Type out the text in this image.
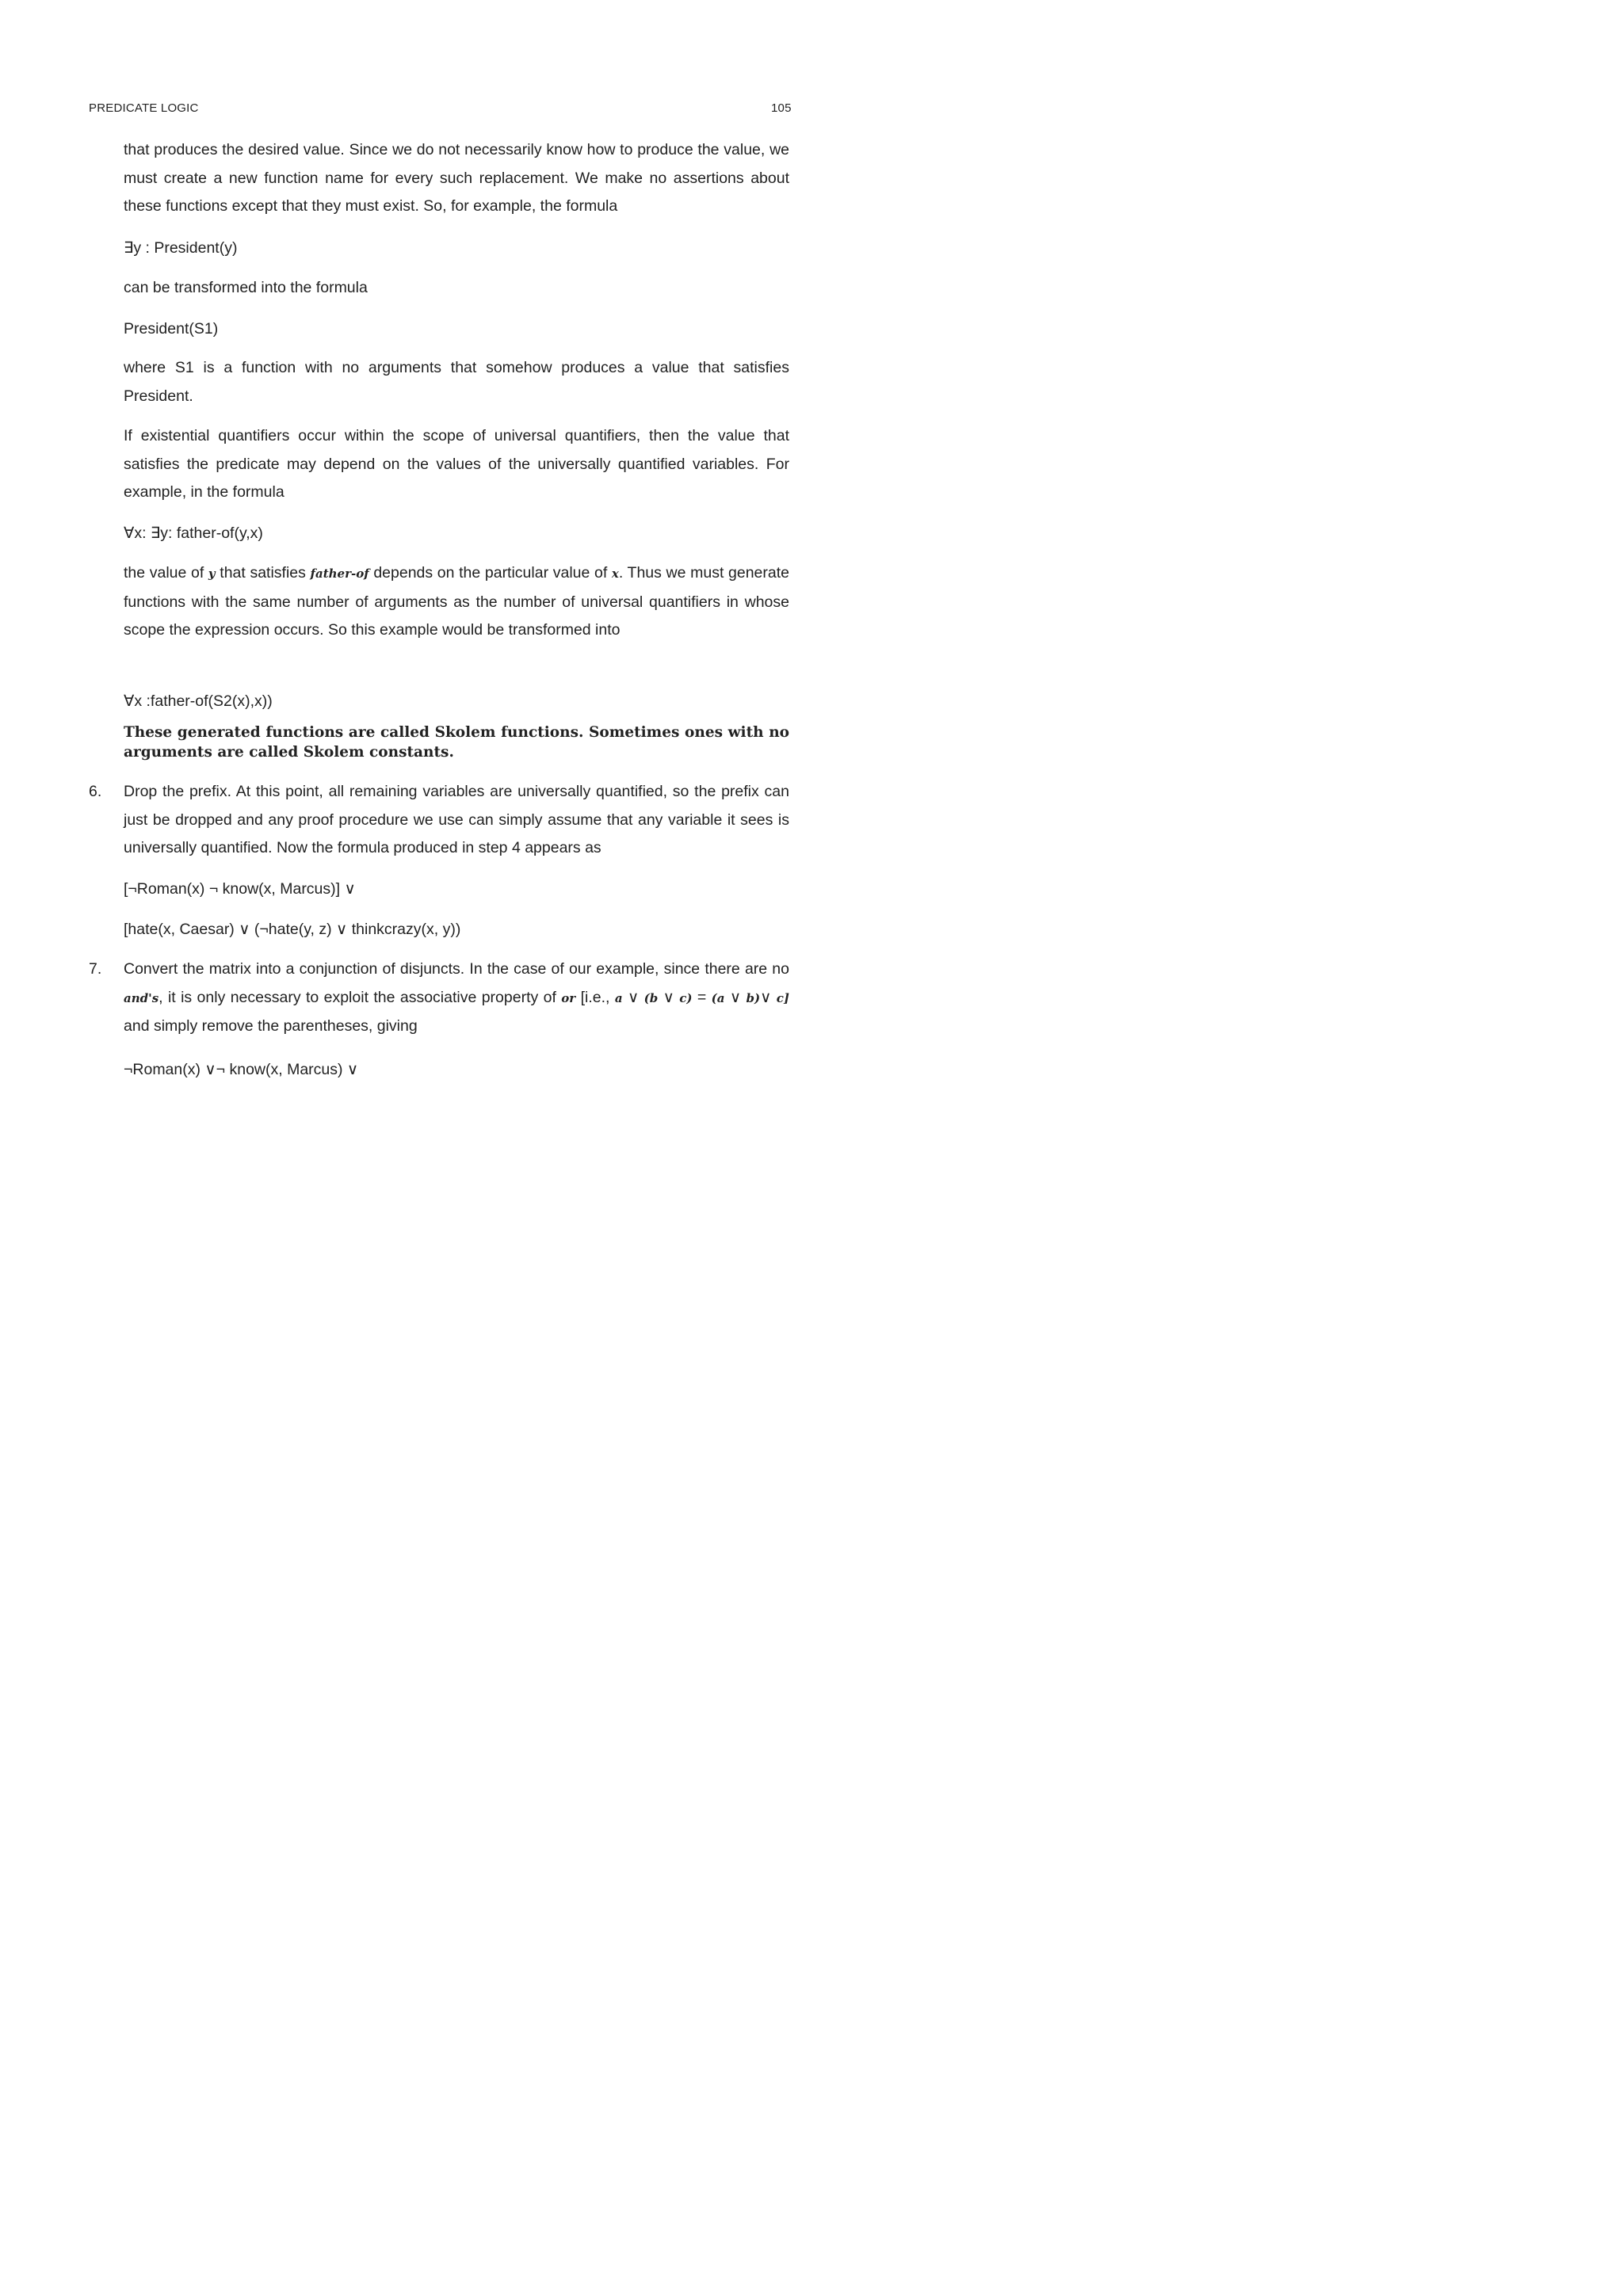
PREDICATE LOGIC	105

that produces the desired value. Since we do not necessarily know how to produce the value, we must create a new function name for every such replacement. We make no assertions about these functions except that they must exist. So, for example, the formula

∃y : President(y)

can be transformed into the formula

President(S1)

where S1 is a function with no arguments that somehow produces a value that satisfies President.

If existential quantifiers occur within the scope of universal quantifiers, then the value that satisfies the predicate may depend on the values of the universally quantified variables. For example, in the formula

∀x: ∃y: father-of(y,x)

the value of y that satisfies father-of depends on the particular value of x. Thus we must generate functions with the same number of arguments as the number of universal quantifiers in whose scope the expression occurs. So this example would be transformed into

∀x :father-of(S2(x),x))

These generated functions are called Skolem functions. Sometimes ones with no arguments are called Skolem constants.

6. Drop the prefix. At this point, all remaining variables are universally quantified, so the prefix can just be dropped and any proof procedure we use can simply assume that any variable it sees is universally quantified. Now the formula produced in step 4 appears as

[¬Roman(x) ¬ know(x, Marcus)] ∨
[hate(x, Caesar) ∨ (¬hate(y, z) ∨ thinkcrazy(x, y))
7. Convert the matrix into a conjunction of disjuncts. In the case of our example, since there are no and's, it is only necessary to exploit the associative property of or [i.e., a ∨ (b ∨ c) = (a ∨ b)∨ c] and simply remove the parentheses, giving

¬Roman(x) ∨¬ know(x, Marcus) ∨
